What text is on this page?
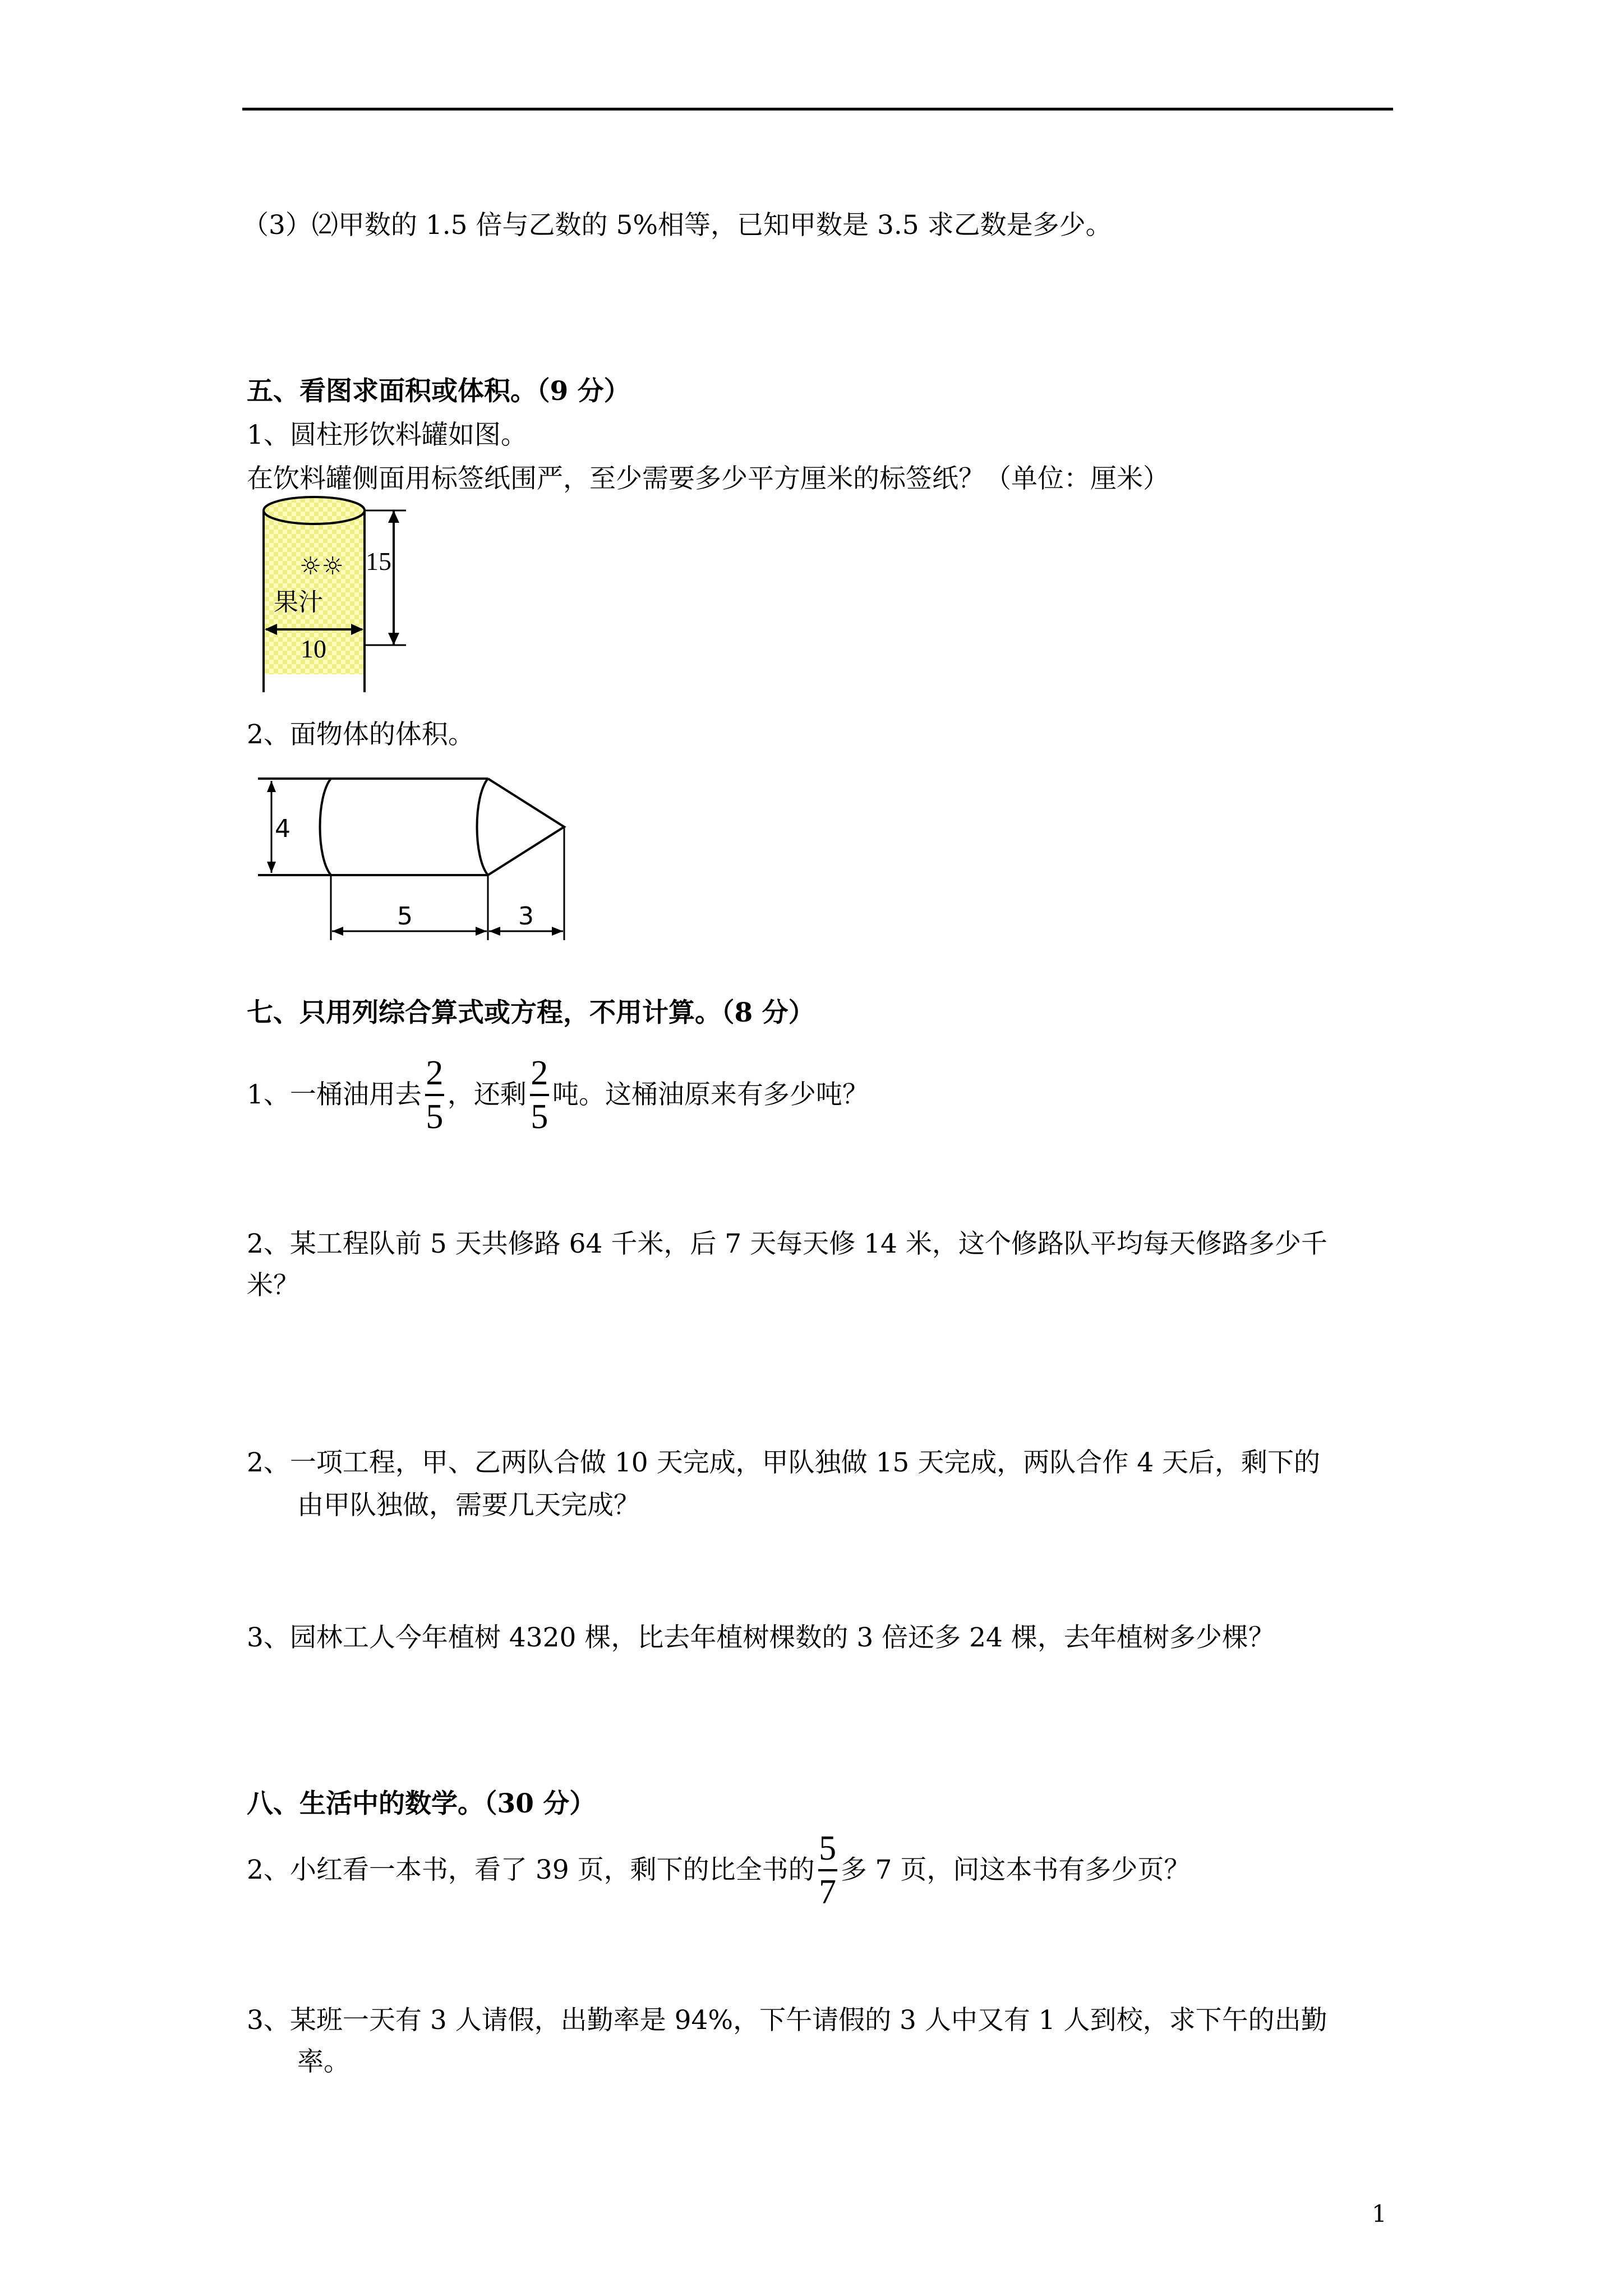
（3）⑵甲数的 1.5 倍与乙数的 5%相等，已知甲数是 3.5 求乙数是多少。
五、看图求面积或体积。（9 分）
1、圆柱形饮料罐如图。
在饮料罐侧面用标签纸围严，至少需要多少平方厘米的标签纸？（单位：厘米）
☼☼
果汁
10
15
2、面物体的体积。
4
5	3
七、只用列综合算式或方程，不用计算。（8 分）
1、一桶油用去 $\frac{2}{5}$ ，还剩 $\frac{2}{5}$ 吨。这桶油原来有多少吨？
2、某工程队前 5 天共修路 64 千米，后 7 天每天修 14 米，这个修路队平均每天修路多少千
米？
2、一项工程，甲、乙两队合做 10 天完成，甲队独做 15 天完成，两队合作 4 天后，剩下的
由甲队独做，需要几天完成？
3、园林工人今年植树 4320 棵，比去年植树棵数的 3 倍还多 24 棵，去年植树多少棵？
八、生活中的数学。（30 分）
2、小红看一本书，看了 39 页，剩下的比全书的 $\frac{5}{7}$ 多 7 页，问这本书有多少页？
3、某班一天有 3 人请假，出勤率是 94%，下午请假的 3 人中又有 1 人到校，求下午的出勤
率。
1
